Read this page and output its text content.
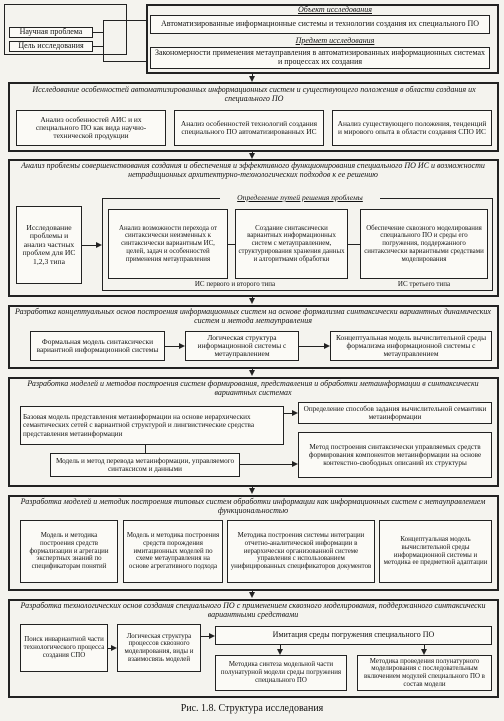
Научная проблема
Цель исследования
Объект исследования
Автоматизированные информационные системы и технологии создания их специального ПО
Предмет исследования
Закономерности применения метауправления в автоматизированных информационных системах и процессах их создания
Исследование особенностей автоматизированных информационных систем и существующего положения в области создания их специального ПО
Анализ особенностей АИС и их специального ПО как вида научно-технической продукции
Анализ особенностей технологий создания специального ПО автоматизированных ИС
Анализ существующего положения, тенденций и мирового опыта в области создания СПО ИС
Анализ проблемы совершенствования создания и обеспечения и эффективного функционирования специального ПО ИС и возможности нетрадиционных архитектурно-технологических подходов к ее решению
Исследование проблемы и анализ частных проблем для ИС 1,2,3 типа
Определение путей решения проблемы
Анализ возможности перехода от синтаксически неизменных к синтаксически вариантным ИС, целей, задач и особенностей применения метауправления
Создание синтаксически вариантных информационных систем с метауправлением, структурирования хранения данных и алгоритмами обработки
Обеспечение сквозного моделирования специального ПО и среды его погружения, поддержанного синтаксически вариантными средствами моделирования
ИС первого и второго типа	ИС третьего типа
Разработка концептуальных основ построения информационных систем на основе формализма синтаксически вариантных динамических систем и метода метауправления
Формальная модель синтаксически вариантной информационной системы
Логическая структура информационной системы с метауправлением
Концептуальная модель вычислительной среды формализма информационной системы с метауправлением
Разработка моделей и методов построения систем формирования, представления и обработки метаинформации в синтаксически вариантных системах
Базовая модель представления метаинформации на основе иерархических семантических сетей с вариантной структурой и лингвистические средства представления метаинформации
Модель и метод перевода метаинформации, управляемого синтаксисом и данными
Определение способов задания вычислительной семантики метаинформации
Метод построения синтаксически управляемых средств формирования компонентов метаинформации на основе контекстно-свободных описаний их структуры
Разработка моделей и методик построения типовых систем обработки информации как информационных систем с метауправлением функциональностью
Модель и методика построения средств формализации и агрегации экспертных знаний по спецификаторам понятий
Модель и методика построения средств порождения имитационных моделей по схеме метауправления на основе агрегативного подхода
Методика построения системы интеграции отчетно-аналитической информации в иерархически организованной системе управления с использованием унифицированных спецификаторов документов
Концептуальная модель вычислительной среды информационной системы и методика ее предметной адаптации
Разработка технологических основ создания специального ПО с применением сквозного моделирования, поддержанного синтаксически вариантными средствами
Поиск инвариантной части технологического процесса создания СПО
Логическая структура процессов сквозного моделирования, виды и взаимосвязь моделей
Имитация среды погружения специального ПО
Методика синтеза модельной части полунатурной модели среды погружения специального ПО
Методика проведения полунатурного моделирования с последовательным включением модулей специального ПО в состав модели
Рис. 1.8. Структура исследования
